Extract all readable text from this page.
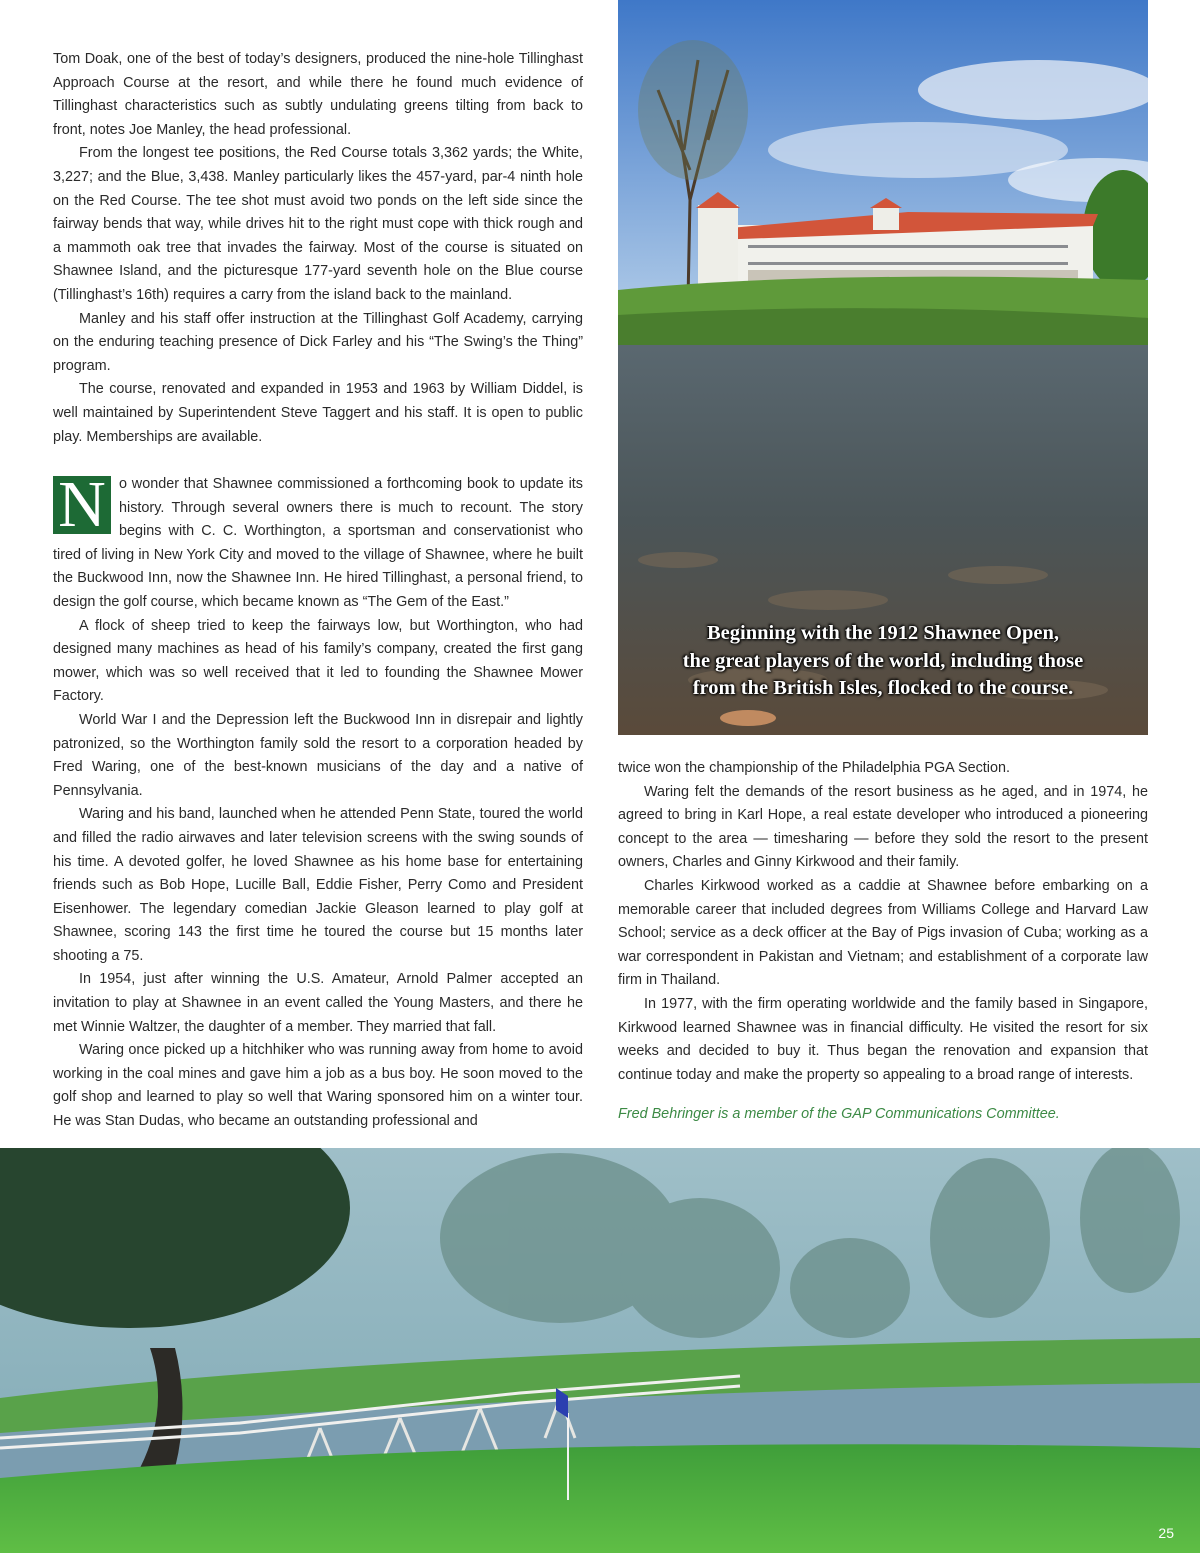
Tom Doak, one of the best of today’s designers, produced the nine-hole Tillinghast Approach Course at the resort, and while there he found much evidence of Tillinghast characteristics such as subtly undulating greens tilting from back to front, notes Joe Manley, the head professional.

From the longest tee positions, the Red Course totals 3,362 yards; the White, 3,227; and the Blue, 3,438. Manley particularly likes the 457-yard, par-4 ninth hole on the Red Course. The tee shot must avoid two ponds on the left side since the fairway bends that way, while drives hit to the right must cope with thick rough and a mammoth oak tree that invades the fairway. Most of the course is situated on Shawnee Island, and the picturesque 177-yard seventh hole on the Blue course (Tillinghast’s 16th) requires a carry from the island back to the mainland.

Manley and his staff offer instruction at the Tillinghast Golf Academy, carrying on the enduring teaching presence of Dick Farley and his “The Swing’s the Thing” program.

The course, renovated and expanded in 1953 and 1963 by William Diddel, is well maintained by Superintendent Steve Taggert and his staff. It is open to public play. Memberships are available.

N o wonder that Shawnee commissioned a forthcoming book to update its history. Through several owners there is much to recount. The story begins with C. C. Worthington, a sportsman and conservationist who tired of living in New York City and moved to the village of Shawnee, where he built the Buckwood Inn, now the Shawnee Inn. He hired Tillinghast, a personal friend, to design the golf course, which became known as “The Gem of the East.”

A flock of sheep tried to keep the fairways low, but Worthington, who had designed many machines as head of his family’s company, created the first gang mower, which was so well received that it led to founding the Shawnee Mower Factory.

World War I and the Depression left the Buckwood Inn in disrepair and lightly patronized, so the Worthington family sold the resort to a corporation headed by Fred Waring, one of the best-known musicians of the day and a native of Pennsylvania.

Waring and his band, launched when he attended Penn State, toured the world and filled the radio airwaves and later television screens with the swing sounds of his time. A devoted golfer, he loved Shawnee as his home base for entertaining friends such as Bob Hope, Lucille Ball, Eddie Fisher, Perry Como and President Eisenhower. The legendary comedian Jackie Gleason learned to play golf at Shawnee, scoring 143 the first time he toured the course but 15 months later shooting a 75.

In 1954, just after winning the U.S. Amateur, Arnold Palmer accepted an invitation to play at Shawnee in an event called the Young Masters, and there he met Winnie Waltzer, the daughter of a member. They married that fall.

Waring once picked up a hitchhiker who was running away from home to avoid working in the coal mines and gave him a job as a bus boy. He soon moved to the golf shop and learned to play so well that Waring sponsored him on a winter tour. He was Stan Dudas, who became an outstanding professional and

twice won the championship of the Philadelphia PGA Section.

Waring felt the demands of the resort business as he aged, and in 1974, he agreed to bring in Karl Hope, a real estate developer who introduced a pioneering concept to the area — timesharing — before they sold the resort to the present owners, Charles and Ginny Kirkwood and their family.

Charles Kirkwood worked as a caddie at Shawnee before embarking on a memorable career that included degrees from Williams College and Harvard Law School; service as a deck officer at the Bay of Pigs invasion of Cuba; working as a war correspondent in Pakistan and Vietnam; and establishment of a corporate law firm in Thailand.

In 1977, with the firm operating worldwide and the family based in Singapore, Kirkwood learned Shawnee was in financial difficulty. He visited the resort for six weeks and decided to buy it. Thus began the renovation and expansion that continue today and make the property so appealing to a broad range of interests.

Fred Behringer is a member of the GAP Communications Committee.

Beginning with the 1912 Shawnee Open,
the great players of the world, including those
from the British Isles, flocked to the course.
25
